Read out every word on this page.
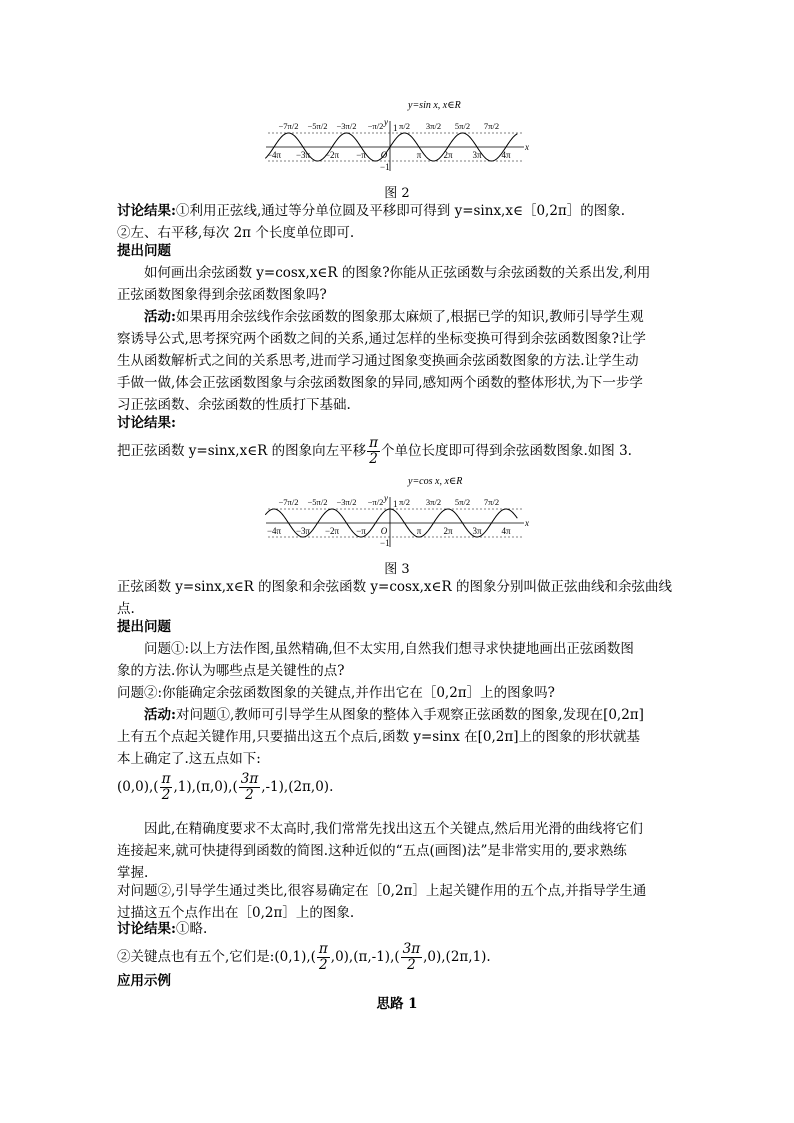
y=sin x, x∈R
y
x
1
−1
−7π/2 −5π/2 −3π/2 −π/2 π/2 3π/2 5π/2 7π/2
−4π −3π −2π −π O	π 2π 3π 4π
图 2
讨论结果:①利用正弦线,通过等分单位圆及平移即可得到 y=sinx,x∈［0,2π］的图象.
②左、右平移,每次 2π 个长度单位即可.
提出问题
如何画出余弦函数 y=cosx,x∈R 的图象?你能从正弦函数与余弦函数的关系出发,利用
正弦函数图象得到余弦函数图象吗?
活动:如果再用余弦线作余弦函数的图象那太麻烦了,根据已学的知识,教师引导学生观
察诱导公式,思考探究两个函数之间的关系,通过怎样的坐标变换可得到余弦函数图象?让学
生从函数解析式之间的关系思考,进而学习通过图象变换画余弦函数图象的方法.让学生动
手做一做,体会正弦函数图象与余弦函数图象的异同,感知两个函数的整体形状,为下一步学
习正弦函数、余弦函数的性质打下基础.
讨论结果:
把正弦函数 y=sinx,x∈R 的图象向左平移 $\frac{\pi}{2}$ 个单位长度即可得到余弦函数图象.如图 3.
y=cos x, x∈R
y
x
1
−1
−7π/2 −5π/2 −3π/2 −π/2 π/2 3π/2 5π/2 7π/2
−4π −3π −2π −π O	π 2π 3π 4π
图 3
正弦函数 y=sinx,x∈R 的图象和余弦函数 y=cosx,x∈R 的图象分别叫做正弦曲线和余弦曲线
点.
提出问题
问题①:以上方法作图,虽然精确,但不太实用,自然我们想寻求快捷地画出正弦函数图
象的方法.你认为哪些点是关键性的点?
问题②:你能确定余弦函数图象的关键点,并作出它在［0,2π］上的图象吗?
活动:对问题①,教师可引导学生从图象的整体入手观察正弦函数的图象,发现在[0,2π]
上有五个点起关键作用,只要描出这五个点后,函数 y=sinx 在[0,2π]上的图象的形状就基
本上确定了.这五点如下:
$(0,0),( \frac{\pi}{2} ,1),(\pi,0),( \frac{3\pi}{2} ,-1),(2\pi,0)$.
因此,在精确度要求不太高时,我们常常先找出这五个关键点,然后用光滑的曲线将它们
连接起来,就可快捷得到函数的简图.这种近似的“五点(画图)法”是非常实用的,要求熟练
掌握.
对问题②,引导学生通过类比,很容易确定在［0,2π］上起关键作用的五个点,并指导学生通
过描这五个点作出在［0,2π］上的图象.
讨论结果:①略.
②关键点也有五个,它们是:(0,1),( $\frac{\pi}{2} ,0),(\pi,-1),( \frac{3\pi}{2} ,0),(2\pi,1)$.
应用示例
思路 1
